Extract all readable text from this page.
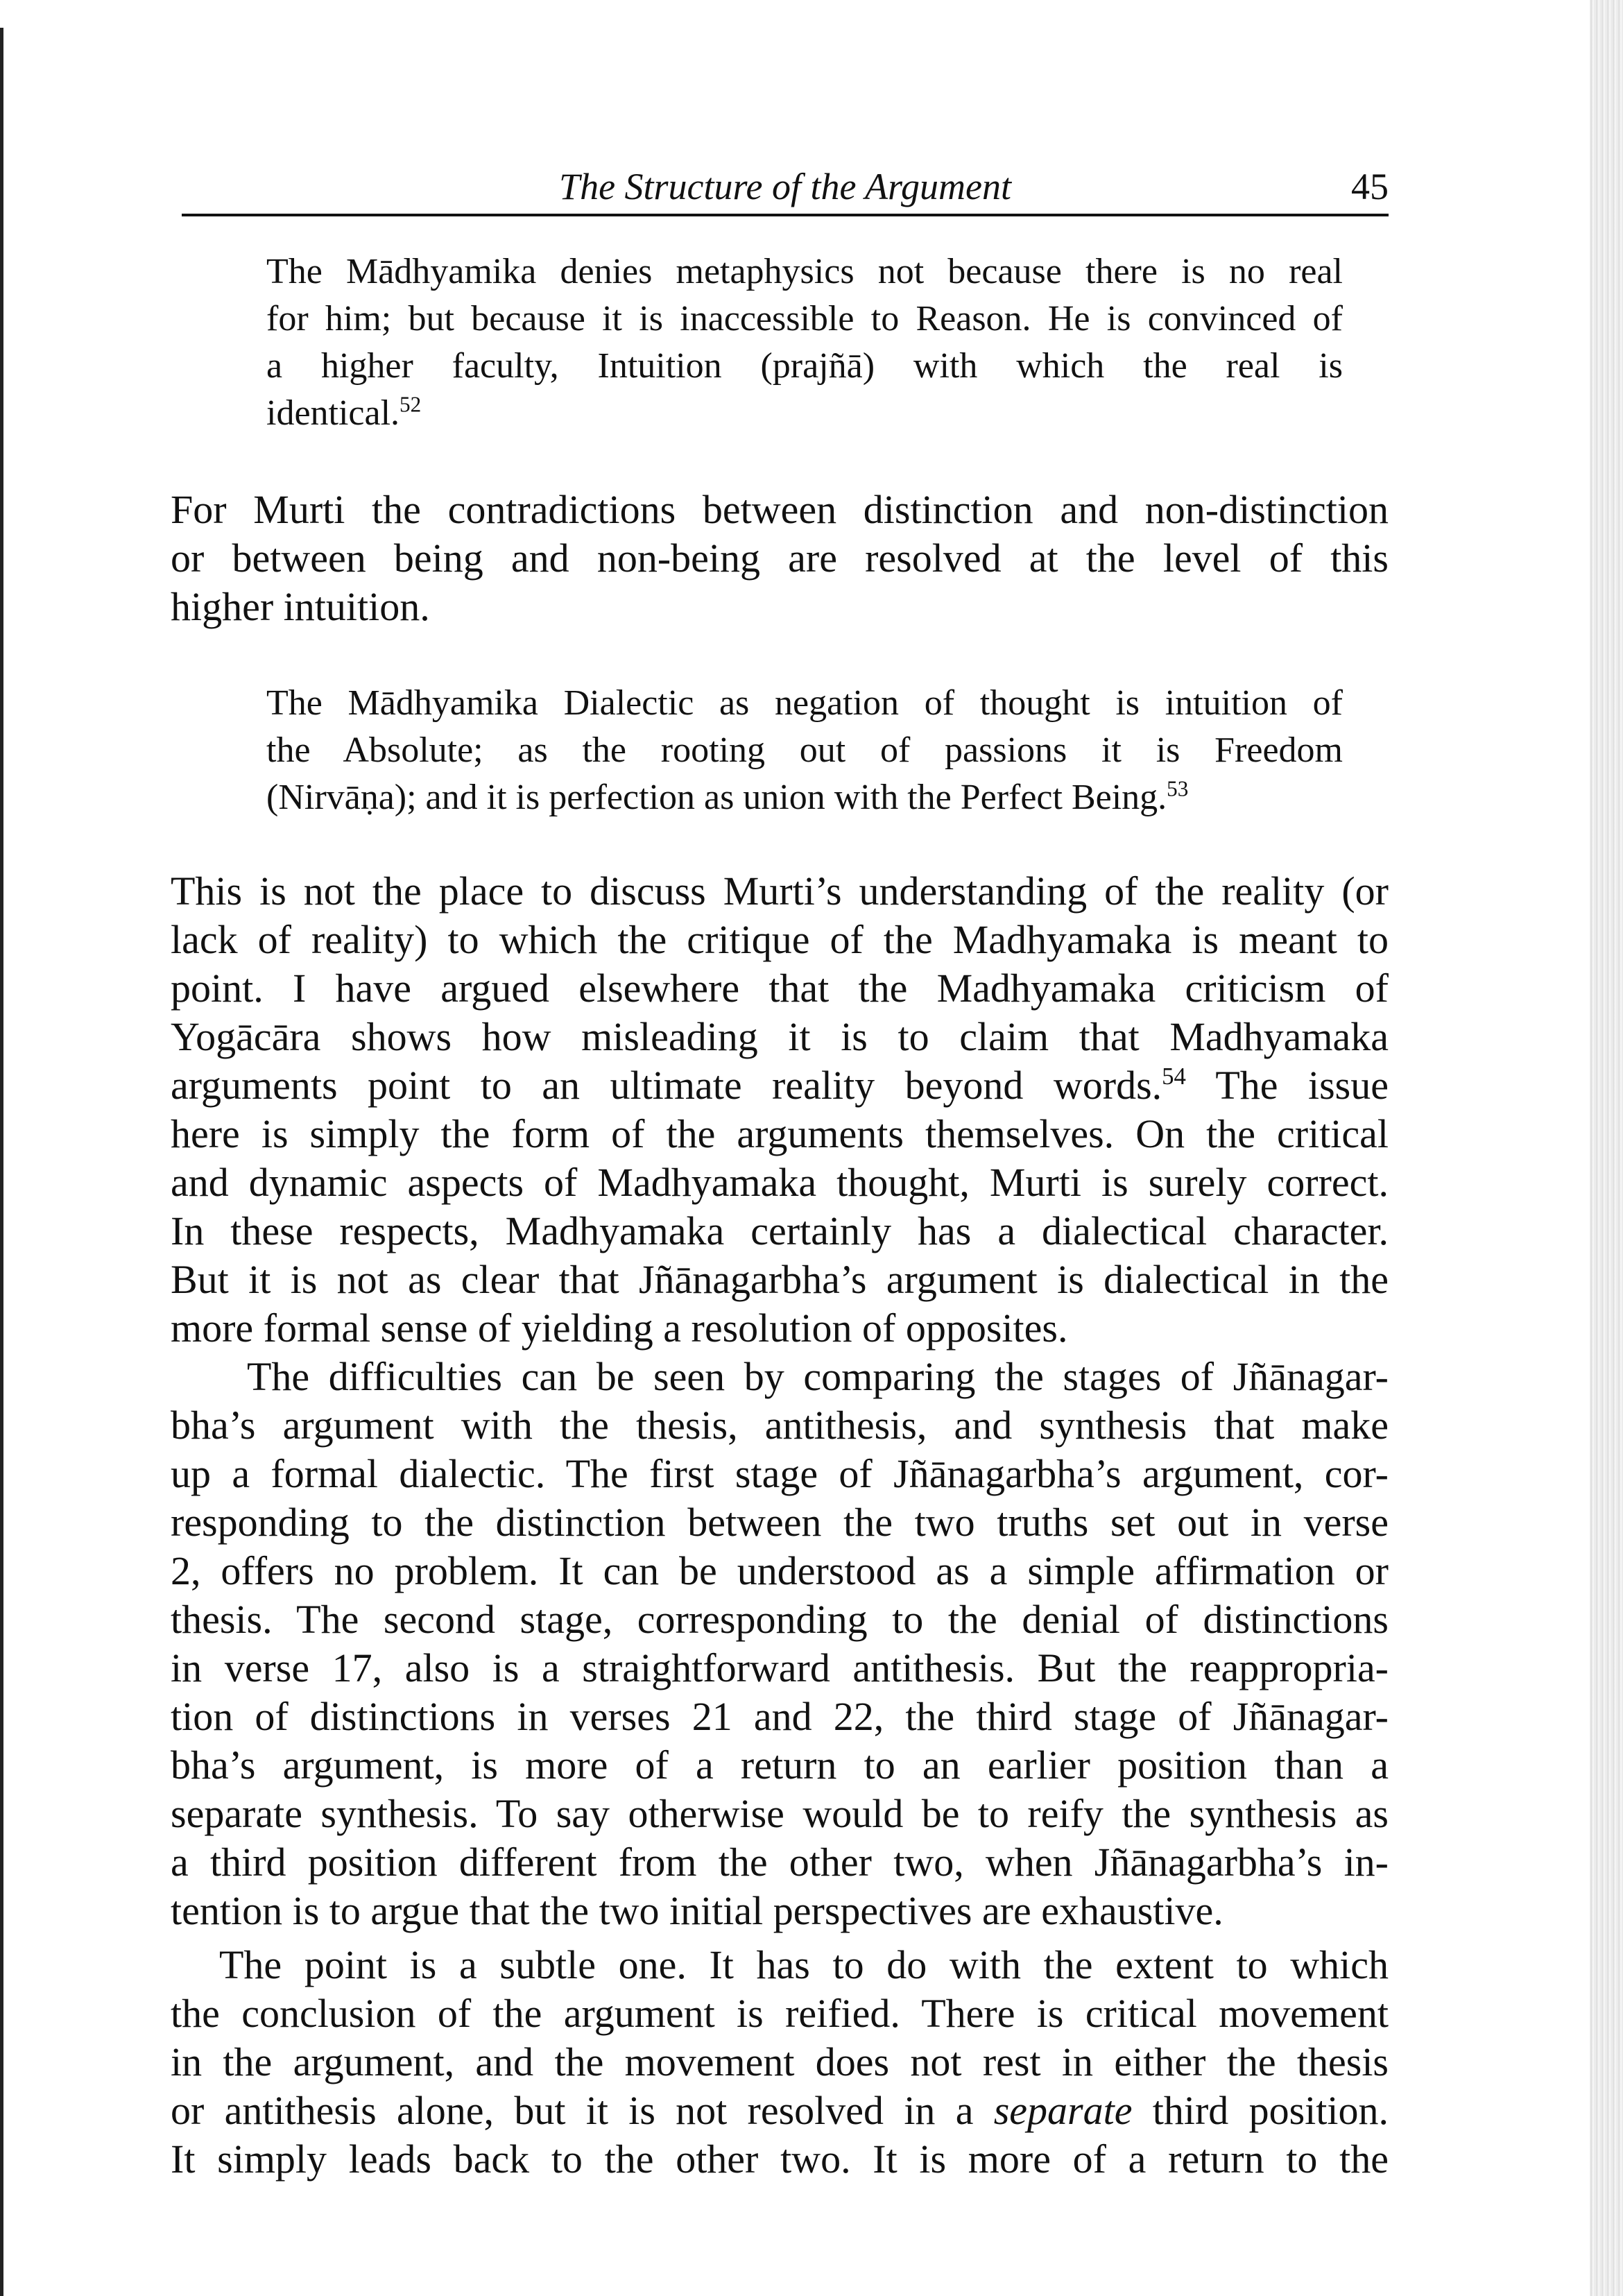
The Structure of the Argument	45
The Mādhyamika denies metaphysics not because there is no real
for him; but because it is inaccessible to Reason. He is convinced of
a higher faculty, Intuition (prajñā) with which the real is
identical.$^{52}$
For Murti the contradictions between distinction and non-distinction
or between being and non-being are resolved at the level of this
higher intuition.
The Mādhyamika Dialectic as negation of thought is intuition of
the Absolute; as the rooting out of passions it is Freedom
(Nirvāṇa); and it is perfection as union with the Perfect Being.$^{53}$
This is not the place to discuss Murti’s understanding of the reality (or
lack of reality) to which the critique of the Madhyamaka is meant to
point. I have argued elsewhere that the Madhyamaka criticism of
Yogācāra shows how misleading it is to claim that Madhyamaka
arguments point to an ultimate reality beyond words.$^{54}$ The issue
here is simply the form of the arguments themselves. On the critical
and dynamic aspects of Madhyamaka thought, Murti is surely correct.
In these respects, Madhyamaka certainly has a dialectical character.
But it is not as clear that Jñānagarbha’s argument is dialectical in the
more formal sense of yielding a resolution of opposites.
The difficulties can be seen by comparing the stages of Jñānagar-
bha’s argument with the thesis, antithesis, and synthesis that make
up a formal dialectic. The first stage of Jñānagarbha’s argument, cor-
responding to the distinction between the two truths set out in verse
2, offers no problem. It can be understood as a simple affirmation or
thesis. The second stage, corresponding to the denial of distinctions
in verse 17, also is a straightforward antithesis. But the reappropria-
tion of distinctions in verses 21 and 22, the third stage of Jñānagar-
bha’s argument, is more of a return to an earlier position than a
separate synthesis. To say otherwise would be to reify the synthesis as
a third position different from the other two, when Jñānagarbha’s in-
tention is to argue that the two initial perspectives are exhaustive.
The point is a subtle one. It has to do with the extent to which
the conclusion of the argument is reified. There is critical movement
in the argument, and the movement does not rest in either the thesis
or antithesis alone, but it is not resolved in a separate third position.
It simply leads back to the other two. It is more of a return to the
